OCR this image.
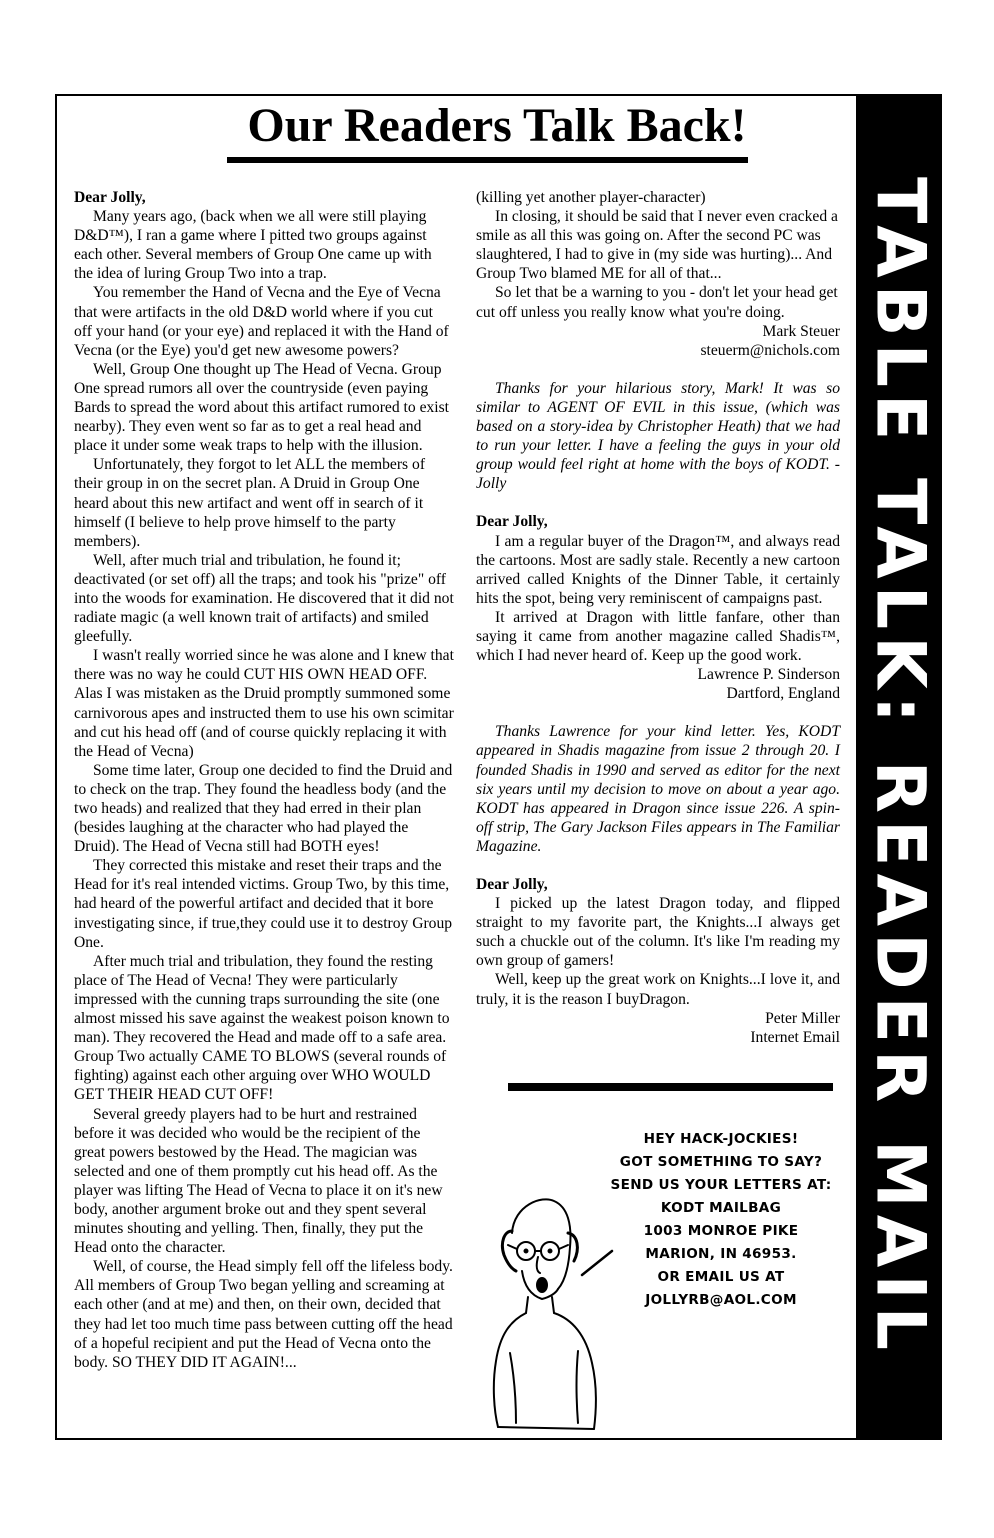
TABLE TALK: READER MAIL
Our Readers Talk Back!

Dear Jolly,

Many years ago, (back when we all were still playing D&D™), I ran a game where I pitted two groups against each other. Several members of Group One came up with the idea of luring Group Two into a trap.

You remember the Hand of Vecna and the Eye of Vecna that were artifacts in the old D&D world where if you cut off your hand (or your eye) and replaced it with the Hand of Vecna (or the Eye) you'd get new awesome powers?

Well, Group One thought up The Head of Vecna. Group One spread rumors all over the countryside (even paying Bards to spread the word about this artifact rumored to exist nearby). They even went so far as to get a real head and place it under some weak traps to help with the illusion.

Unfortunately, they forgot to let ALL the members of their group in on the secret plan. A Druid in Group One heard about this new artifact and went off in search of it himself (I believe to help prove himself to the party members).

Well, after much trial and tribulation, he found it; deactivated (or set off) all the traps; and took his "prize" off into the woods for examination. He discovered that it did not radiate magic (a well known trait of artifacts) and smiled gleefully.

I wasn't really worried since he was alone and I knew that there was no way he could CUT HIS OWN HEAD OFF. Alas I was mistaken as the Druid promptly summoned some carnivorous apes and instructed them to use his own scimitar and cut his head off (and of course quickly replacing it with the Head of Vecna)

Some time later, Group one decided to find the Druid and to check on the trap. They found the headless body (and the two heads) and realized that they had erred in their plan (besides laughing at the character who had played the Druid). The Head of Vecna still had BOTH eyes!

They corrected this mistake and reset their traps and the Head for it's real intended victims. Group Two, by this time, had heard of the powerful artifact and decided that it bore investigating since, if true,they could use it to destroy Group One.

After much trial and tribulation, they found the resting place of The Head of Vecna! They were particularly impressed with the cunning traps surrounding the site (one almost missed his save against the weakest poison known to man). They recovered the Head and made off to a safe area. Group Two actually CAME TO BLOWS (several rounds of fighting) against each other arguing over WHO WOULD GET THEIR HEAD CUT OFF!

Several greedy players had to be hurt and restrained before it was decided who would be the recipient of the great powers bestowed by the Head. The magician was selected and one of them promptly cut his head off. As the player was lifting The Head of Vecna to place it on it's new body, another argument broke out and they spent several minutes shouting and yelling. Then, finally, they put the Head onto the character.

Well, of course, the Head simply fell off the lifeless body. All members of Group Two began yelling and screaming at each other (and at me) and then, on their own, decided that they had let too much time pass between cutting off the head of a hopeful recipient and put the Head of Vecna onto the body. SO THEY DID IT AGAIN!...

(killing yet another player-character)

In closing, it should be said that I never even cracked a smile as all this was going on. After the second PC was slaughtered, I had to give in (my side was hurting)... And Group Two blamed ME for all of that...

So let that be a warning to you - don't let your head get cut off unless you really know what you're doing.

Mark Steuer

steuerm@nichols.com

Thanks for your hilarious story, Mark! It was so similar to AGENT OF EVIL in this issue, (which was based on a story-idea by Christopher Heath) that we had to run your letter. I have a feeling the guys in your old group would feel right at home with the boys of KODT. - Jolly

Dear Jolly,

I am a regular buyer of the Dragon™, and always read the cartoons. Most are sadly stale. Recently a new cartoon arrived called Knights of the Dinner Table, it certainly hits the spot, being very reminiscent of campaigns past.

It arrived at Dragon with little fanfare, other than saying it came from another magazine called Shadis™, which I had never heard of. Keep up the good work.

Lawrence P. Sinderson

Dartford, England

Thanks Lawrence for your kind letter. Yes, KODT appeared in Shadis magazine from issue 2 through 20. I founded Shadis in 1990 and served as editor for the next six years until my decision to move on about a year ago. KODT has appeared in Dragon since issue 226. A spin-off strip, The Gary Jackson Files appears in The Familiar Magazine.

Dear Jolly,

I picked up the latest Dragon today, and flipped straight to my favorite part, the Knights...I always get such a chuckle out of the column. It's like I'm reading my own group of gamers!

Well, keep up the great work on Knights...I love it, and truly, it is the reason I buyDragon.

Peter Miller

Internet Email

HEY HACK-JOCKIES!
GOT SOMETHING TO SAY?
SEND US YOUR LETTERS AT:
KODT MAILBAG
1003 MONROE PIKE
MARION, IN 46953.
OR EMAIL US AT
JOLLYRB@AOL.COM
